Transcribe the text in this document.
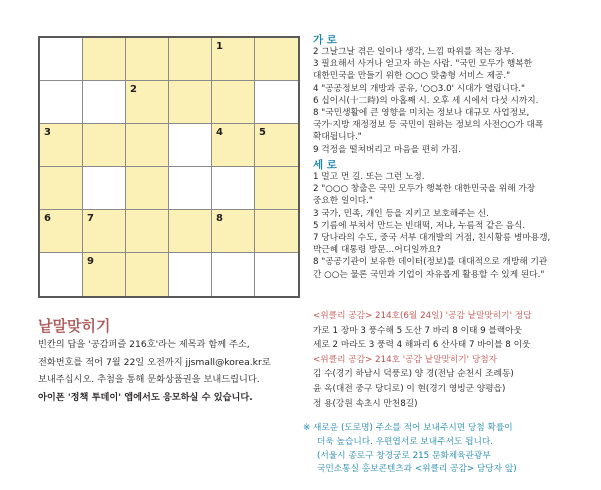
1
2
3	4	5
6	7	8
9
낱말맞히기
빈칸의 답을 '공감퍼즐 216호'라는 제목과 함께 주소,
전화번호를 적어 7월 22일 오전까지 jjsmall@korea.kr로
보내주십시오. 추첨을 통해 문화상품권을 보내드립니다.
아이폰 '정책 투데이' 앱에서도 응모하실 수 있습니다.
가 로
2 그날그날 겪은 일이나 생각, 느낌 따위를 적는 장부.
3 필요해서 사거나 얻고자 하는 사람. "국민 모두가 행복한
대한민국을 만들기 위한 ○○○ 맞춤형 서비스 제공."
4 "공공정보의 개방과 공유, '○○3.0' 시대가 열립니다."
6 십이시(十二時)의 아홉째 시. 오후 세 시에서 다섯 시까지.
8 "국민생활에 큰 영향을 미치는 정보나 대규모 사업정보,
국가·지방 재정정보 등 국민이 원하는 정보의 사전○○가 대폭
확대됩니다."
9 걱정을 떨쳐버리고 마음을 편히 가짐.
세 로
1 멀고 먼 길. 또는 그런 노정.
2 "○○○ 창출은 국민 모두가 행복한 대한민국을 위해 가장
중요한 일이다."
3 국가, 민족, 개인 등을 지키고 보호해주는 신.
5 기름에 부쳐서 만드는 빈대떡, 저냐, 누름적 같은 음식.
7 당나라의 수도, 중국 서부 대개발의 거점, 친시황릉 병마용갱,
박근혜 대통령 방문…어디일까요?
8 "공공기관이 보유한 데이터(정보)를 대대적으로 개방해 기관
간 ○○는 물론 국민과 기업이 자유롭게 활용할 수 있게 된다."
<위클리 공감> 214호(6월 24일) '공감 낱말맞히기' 정답
가로 1 장마 3 풍수해 5 도산 7 바리 8 이태 9 블랙아웃
세로 2 마라도 3 풍력 4 해파리 6 산사태 7 바이블 8 이웃
<위클리 공감> 214호 '공감 낱말맞히기' 당첨자
김 수(경기 하남시 덕풍로) 양 경(전남 순천시 조례동)
윤 옥(대전 중구 당디로) 이 현(경기 영빙군 양평읍)
정 용(강원 속초시 만천8길)
※ 새로운 (도로명) 주소를 적어 보내주시면 당첨 확률이
더욱 높습니다. 우편엽서로 보내주셔도 됩니다.
(서울시 종로구 창경궁로 215 문화체육관광부
국민소통실 홍보콘텐츠과 <위클리 공감> 담당자 앞)
